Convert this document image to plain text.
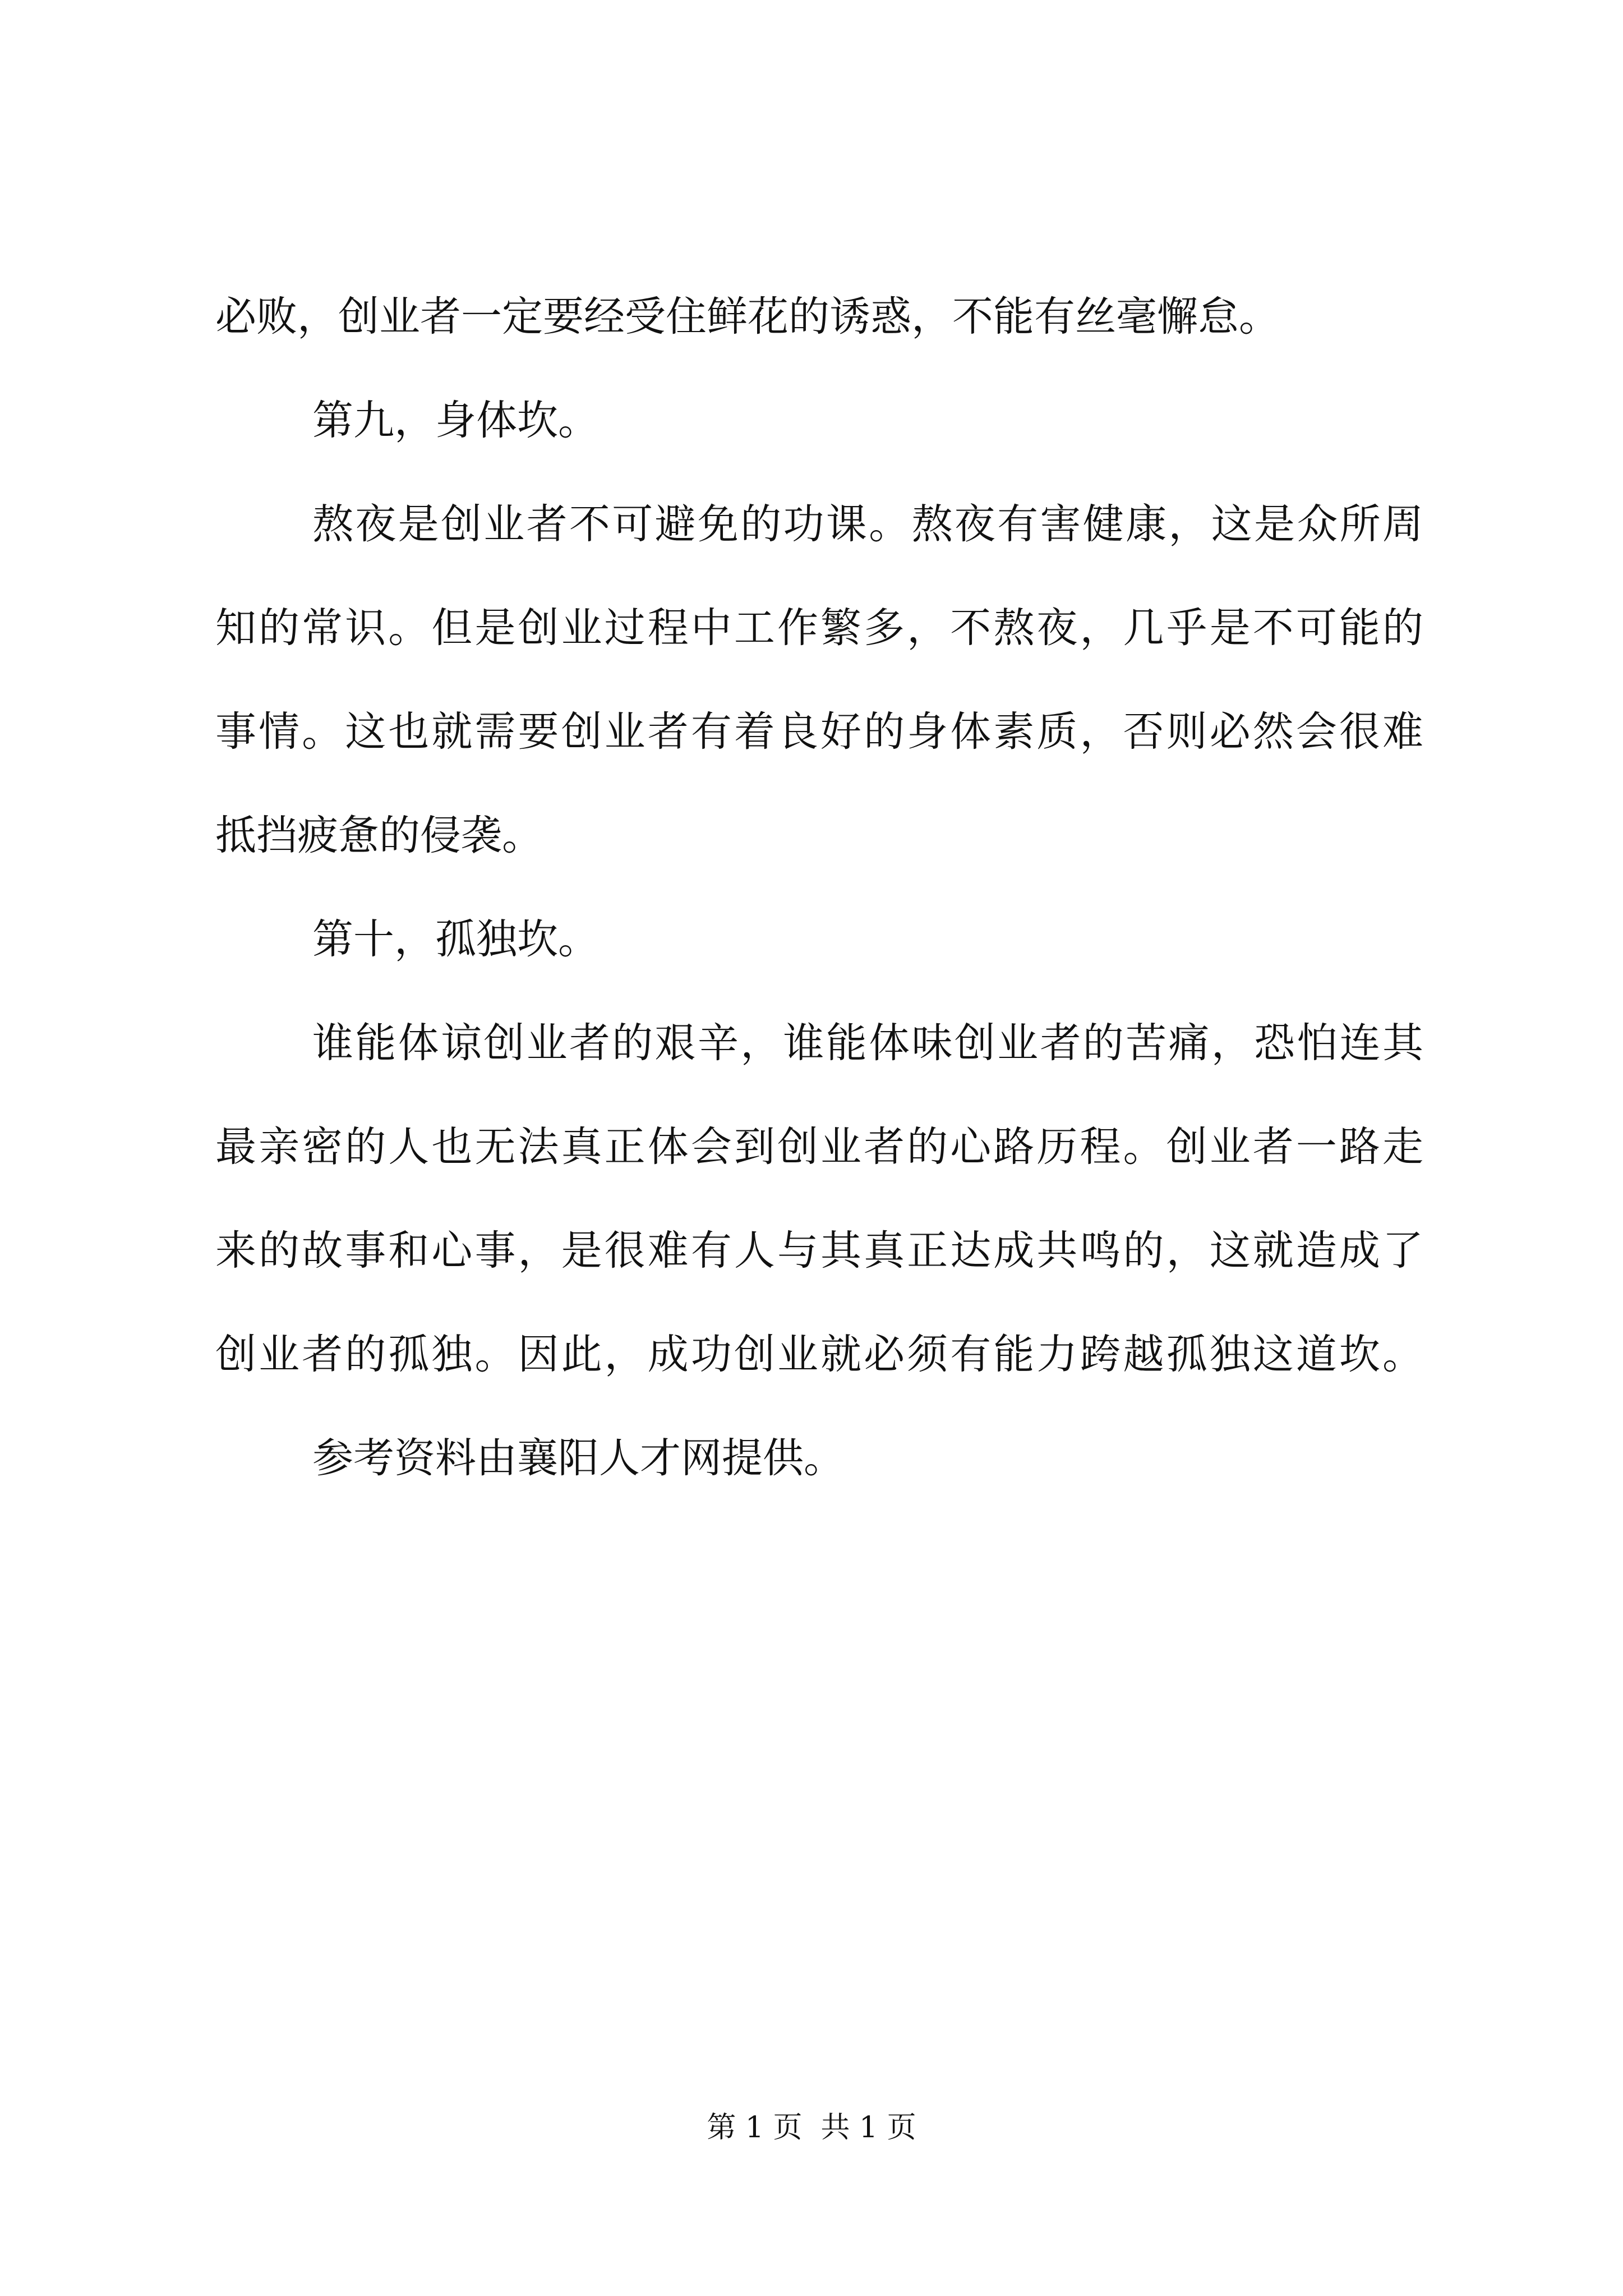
必败，创业者一定要经受住鲜花的诱惑，不能有丝毫懈怠。
第九，身体坎。
熬夜是创业者不可避免的功课。熬夜有害健康，这是众所周
知的常识。但是创业过程中工作繁多，不熬夜，几乎是不可能的
事情。这也就需要创业者有着良好的身体素质，否则必然会很难
抵挡疲惫的侵袭。
第十，孤独坎。
谁能体谅创业者的艰辛，谁能体味创业者的苦痛，恐怕连其
最亲密的人也无法真正体会到创业者的心路历程。创业者一路走
来的故事和心事，是很难有人与其真正达成共鸣的，这就造成了
创业者的孤独。因此，成功创业就必须有能力跨越孤独这道坎。
参考资料由襄阳人才网提供。
第 1 页  共 1 页
